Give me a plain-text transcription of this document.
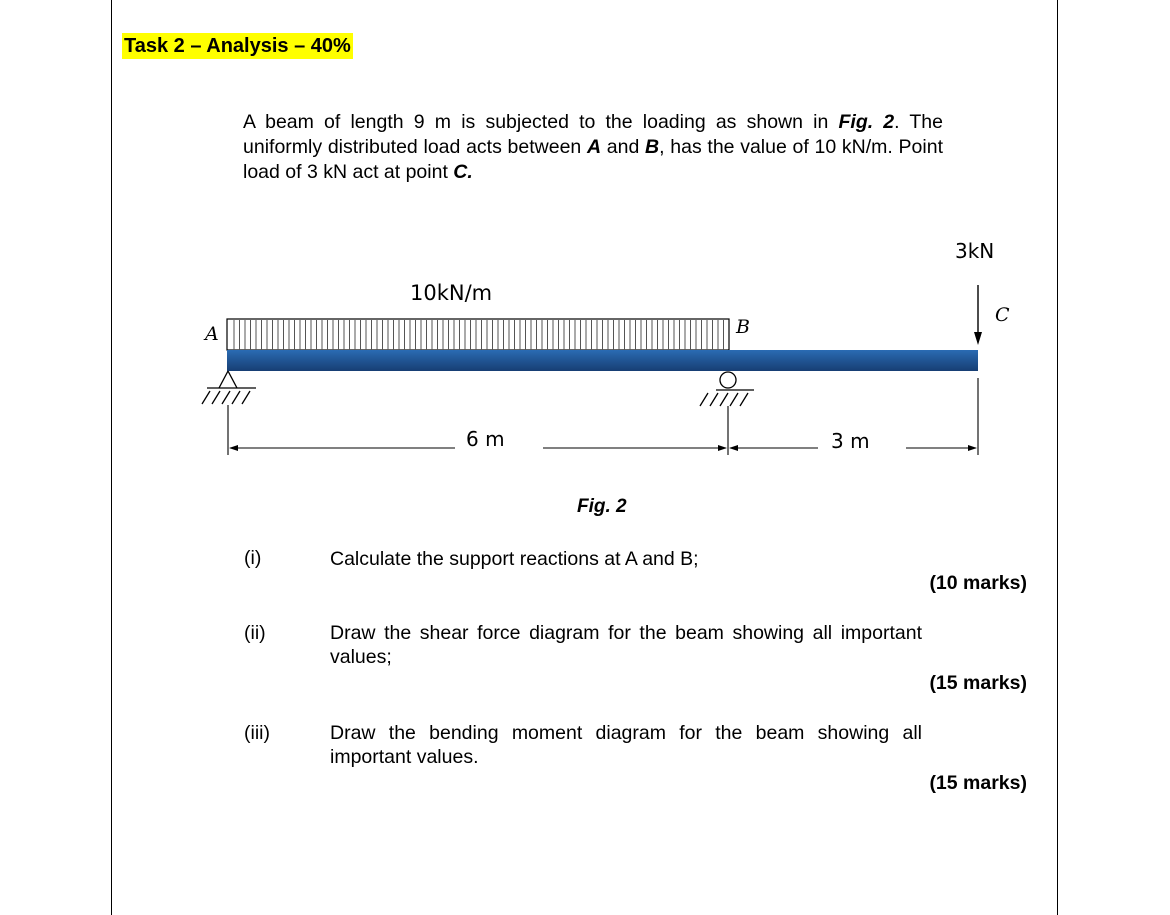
Task 2 – Analysis – 40%
A beam of length 9 m is subjected to the loading as shown in Fig. 2. The uniformly distributed load acts between A and B, has the value of 10 kN/m. Point load of 3 kN act at point C.
3kN
C
10kN/m
A	B
6 m	3 m
Fig. 2
(i)	Calculate the support reactions at A and B;
(10 marks)
(ii)	Draw the shear force diagram for the beam showing all important values;
(15 marks)
(iii)	Draw the bending moment diagram for the beam showing all important values.
(15 marks)
